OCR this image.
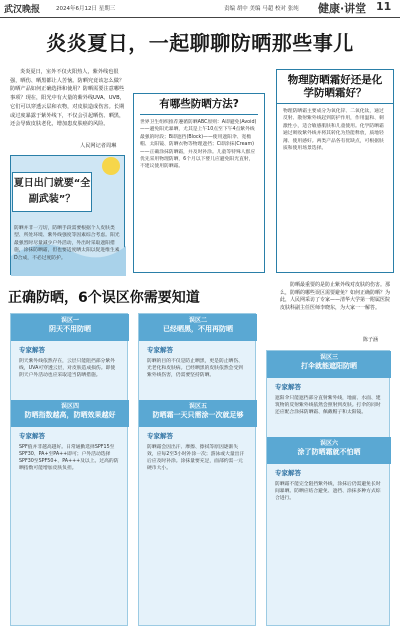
武汉晚报	2024年6月12日 星期三	责编 胡中 美编 马超 校对 张纯 健康·讲堂 11
炎炎夏日，一起聊聊防晒那些事儿
炎炎夏日，室外不仅火阳热人，紫外线也很强，晒伤、晒黑都让人苦恼。防晒究竟该怎么做？防晒产品如何正确选择和使用？防晒需要注意哪些事项？现在，阳光中有大量的紫外线UVA、UVB，它们可以穿透云层和衣物，对皮肤造成伤害。长期或过度暴露于紫外线下，不仅会引起晒伤、晒黑，还会导致皮肤老化，增加患皮肤癌的风险。
人民网记者周琳
夏日出门就要“全副武装”？
防晒并非一刀切，防晒手段需要根据个人皮肤类型、所处环境、紫外线强度等因素综合考虑。阳光最强烈时尽量减少户外活动，外出时采取遮阳措施，涂抹防晒霜，但也要适度晒太阳以促进维生素D合成，不必过度防护。
有哪些防晒方法?
世界卫生组织推荐遵循防晒ABC原则：A即避免(Avoid)——避免阳光暴晒，尤其是上午10点至下午4点紫外线最强的时段；B即遮挡(Block)——使用遮阳伞、宽檐帽、太阳镜、防晒衣物等物理遮挡；C即涂抹(Cream)——正确涂抹防晒霜，并及时补涂。儿童等特殊人群应优先采用物理防晒，6个月以下婴儿应避免阳光直射，不建议使用防晒霜。
物理防晒霜好还是化学防晒霜好？
物理防晒霜主要成分为氧化锌、二氧化钛，通过反射、散射紫外线起到防护作用，作用温和、刺激性小，适合敏感肌肤和儿童使用。化学防晒霜通过吸收紫外线并将其转化为热能释放，质地轻薄、使用感好。两类产品各有优缺点，可根据肤质和使用场景选择。
正确防晒，6个误区你需要知道
防晒最重要的是防止紫外线对皮肤的伤害。那么，防晒的哪些误区需要避免？如何正确防晒？为此，人民网采访了专家——清华大学第一附属医院皮肤科副主任医师李晓东，为大家一一解答。
陈子涵
误区一
阴天不用防晒
专家解答
阴天紫外线依然存在，云层只能阻挡部分紫外线，UVA可穿透云层，对皮肤造成损伤。即使阴天户外活动也应采取适当防晒措施。
误区四
防晒指数越高，防晒效果越好
专家解答
SPF值并非越高越好。日常通勤选择SPF15至SPF30、PA+至PA++即可；户外活动选择SPF30至SPF50+、PA+++及以上。过高的防晒指数可能增加皮肤负担。
误区二
已经晒黑，不用再防晒
专家解答
防晒的目的不仅是防止晒黑，更是防止晒伤、光老化和皮肤病。已经晒黑的皮肤依然会受到紫外线伤害，仍需要坚持防晒。
误区五
防晒霜一天只需涂一次就足够
专家解答
防晒霜会因出汗、摩擦、擦拭等原因逐渐失效，应每2至3小时补涂一次；游泳或大量出汗后应及时补涂。涂抹量要充足，面部约需一元硬币大小。
误区三
打伞就能遮阳防晒
专家解答
遮阳伞只能遮挡部分直射紫外线，地面、水面、建筑物的反射紫外线依然会照射到皮肤。打伞的同时还应配合涂抹防晒霜、佩戴帽子和太阳镜。
误区六
涂了防晒霜就不怕晒
专家解答
防晒霜不能完全阻挡紫外线，涂抹后仍需避免长时间暴晒。防晒应结合避免、遮挡、涂抹多种方式综合进行。
